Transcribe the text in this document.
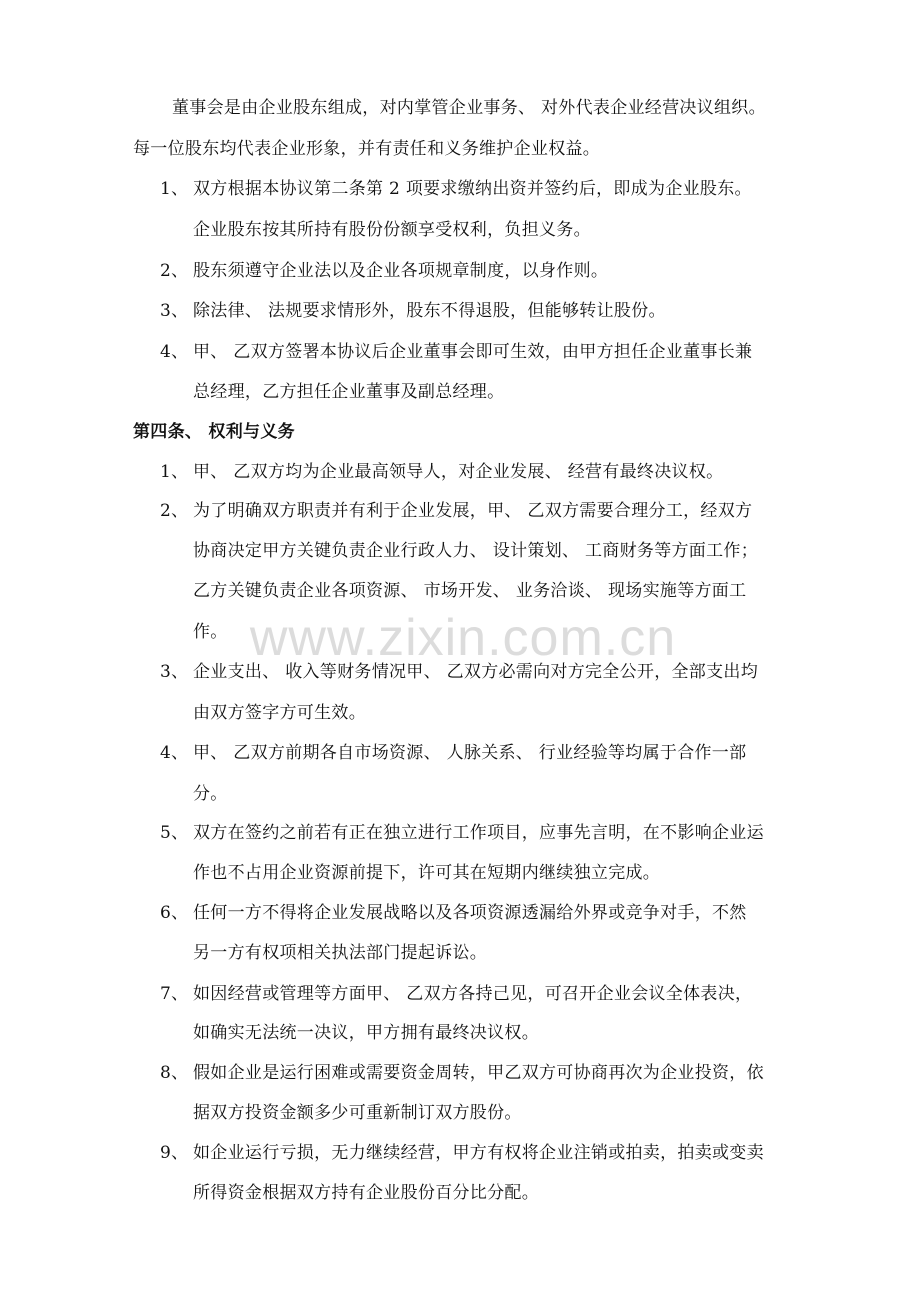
董事会是由企业股东组成，对内掌管企业事务、 对外代表企业经营决议组织。
每一位股东均代表企业形象，并有责任和义务维护企业权益。
1、 双方根据本协议第二条第 2 项要求缴纳出资并签约后，即成为企业股东。
企业股东按其所持有股份份额享受权利，负担义务。
2、 股东须遵守企业法以及企业各项规章制度，以身作则。
3、 除法律、 法规要求情形外，股东不得退股，但能够转让股份。
4、 甲、 乙双方签署本协议后企业董事会即可生效，由甲方担任企业董事长兼
总经理，乙方担任企业董事及副总经理。
第四条、 权利与义务
1、 甲、 乙双方均为企业最高领导人，对企业发展、 经营有最终决议权。
2、 为了明确双方职责并有利于企业发展，甲、 乙双方需要合理分工，经双方
协商决定甲方关键负责企业行政人力、 设计策划、 工商财务等方面工作；
乙方关键负责企业各项资源、 市场开发、 业务洽谈、 现场实施等方面工
作。
3、 企业支出、 收入等财务情况甲、 乙双方必需向对方完全公开，全部支出均
由双方签字方可生效。
4、 甲、 乙双方前期各自市场资源、 人脉关系、 行业经验等均属于合作一部
分。
5、 双方在签约之前若有正在独立进行工作项目，应事先言明，在不影响企业运
作也不占用企业资源前提下，许可其在短期内继续独立完成。
6、 任何一方不得将企业发展战略以及各项资源透漏给外界或竞争对手，不然
另一方有权项相关执法部门提起诉讼。
7、 如因经营或管理等方面甲、 乙双方各持己见，可召开企业会议全体表决，
如确实无法统一决议，甲方拥有最终决议权。
8、 假如企业是运行困难或需要资金周转，甲乙双方可协商再次为企业投资，依
据双方投资金额多少可重新制订双方股份。
9、 如企业运行亏损，无力继续经营，甲方有权将企业注销或拍卖，拍卖或变卖
所得资金根据双方持有企业股份百分比分配。
www.zixin.com.cn
